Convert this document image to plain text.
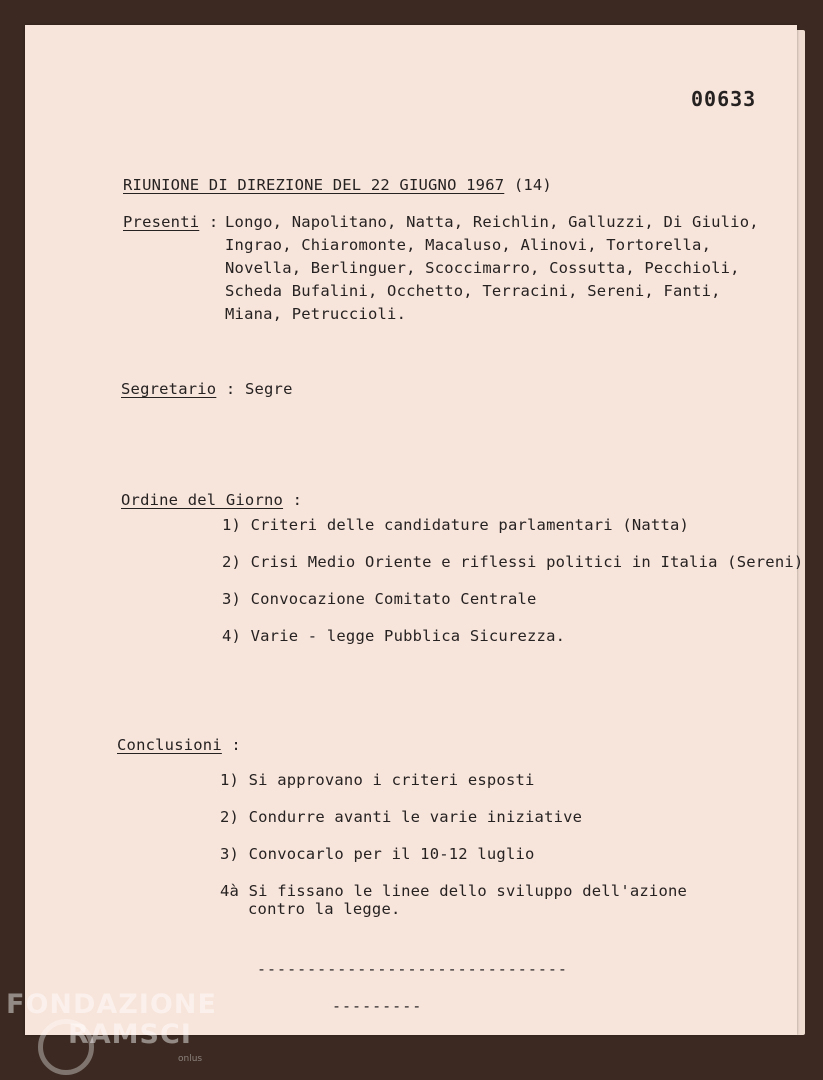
00633
RIUNIONE DI DIREZIONE DEL 22 GIUGNO 1967 (14)
Presenti : Longo, Napolitano, Natta, Reichlin, Galluzzi, Di Giulio,
Ingrao, Chiaromonte, Macaluso, Alinovi, Tortorella,
Novella, Berlinguer, Scoccimarro, Cossutta, Pecchioli,
Scheda Bufalini, Occhetto, Terracini, Sereni, Fanti,
Miana, Petruccioli.
Segretario : Segre
Ordine del Giorno :
1) Criteri delle candidature parlamentari (Natta)
2) Crisi Medio Oriente e riflessi politici in Italia (Sereni)
3) Convocazione Comitato Centrale
4) Varie - legge Pubblica Sicurezza.
Conclusioni :
1) Si approvano i criteri esposti
2) Condurre avanti le varie iniziative
3) Convocarlo per il 10-12 luglio
4à Si fissano le linee dello sviluppo dell'azione
contro la legge.
-------------------------------
---------
FONDAZIONE
RAMSCI
onlus
